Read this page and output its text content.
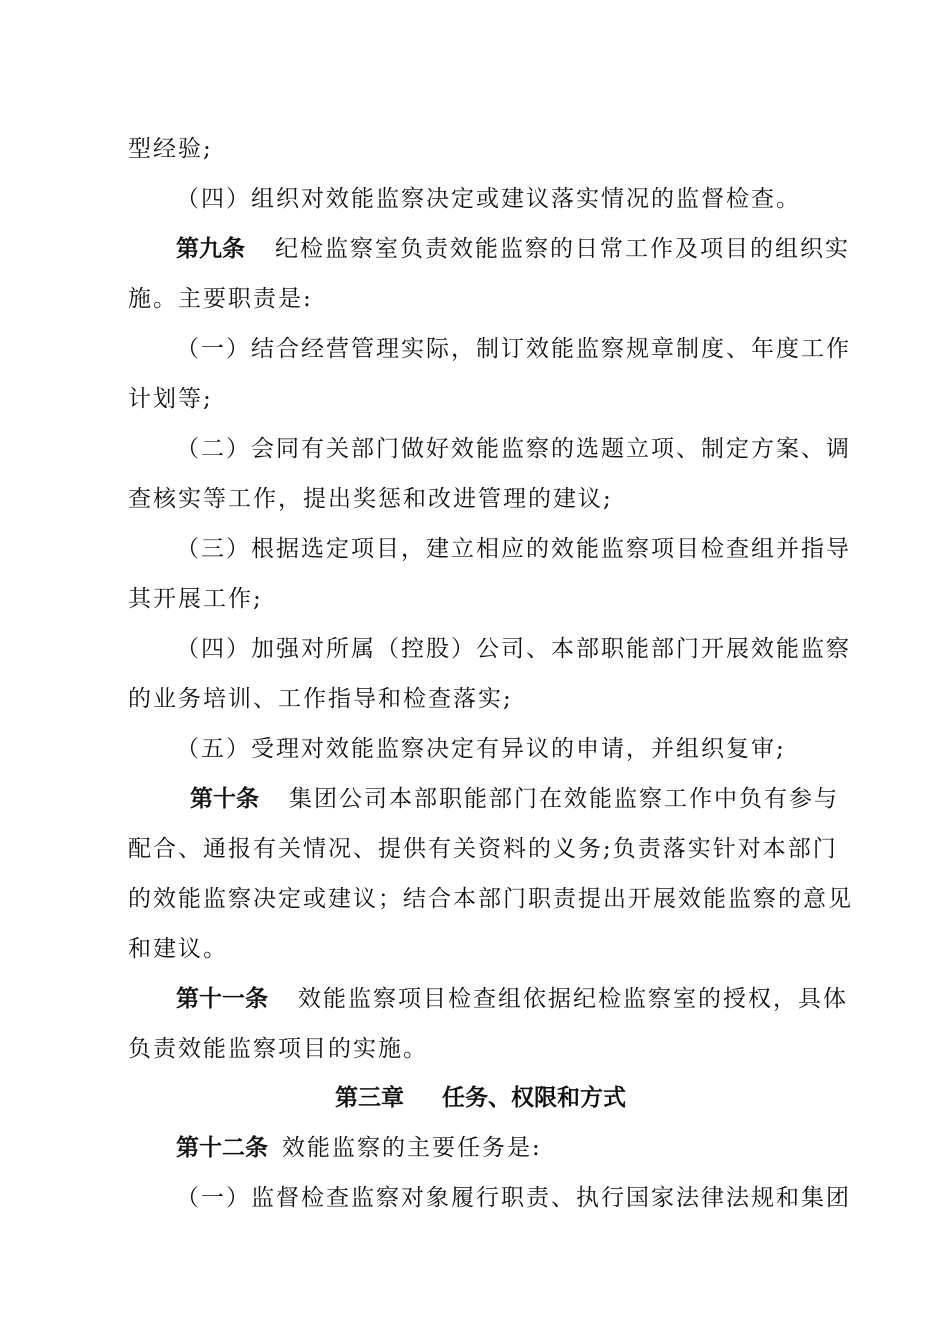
型经验;
（四）组织对效能监察决定或建议落实情况的监督检查。
第九条 纪检监察室负责效能监察的日常工作及项目的组织实
施。主要职责是:
（一）结合经营管理实际，制订效能监察规章制度、年度工作
计划等;
（二）会同有关部门做好效能监察的选题立项、制定方案、调
查核实等工作，提出奖惩和改进管理的建议;
（三）根据选定项目，建立相应的效能监察项目检查组并指导
其开展工作;
（四）加强对所属（控股）公司、本部职能部门开展效能监察
的业务培训、工作指导和检查落实;
（五）受理对效能监察决定有异议的申请，并组织复审;
第十条 集团公司本部职能部门在效能监察工作中负有参与
配合、通报有关情况、提供有关资料的义务;负责落实针对本部门
的效能监察决定或建议；结合本部门职责提出开展效能监察的意见
和建议。
第十一条 效能监察项目检查组依据纪检监察室的授权，具体
负责效能监察项目的实施。
第三章 任务、权限和方式
第十二条 效能监察的主要任务是:
（一）监督检查监察对象履行职责、执行国家法律法规和集团
